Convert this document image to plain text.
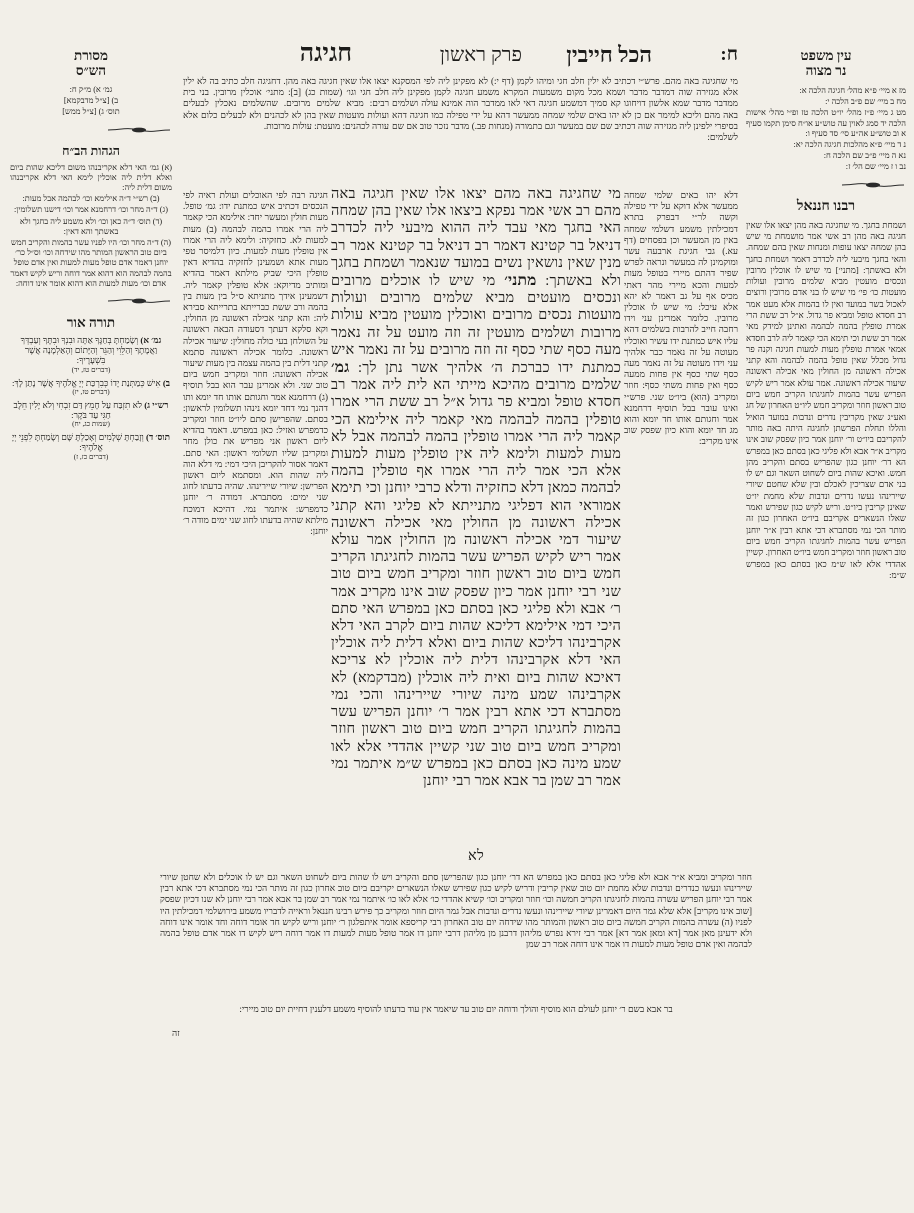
ח:
הכל חייבין
פרק ראשון
חגיגה	עין משפט
נר מצוה
מז א מיי׳ פ״א מהל׳ חגיגה הלכה א:
מח ב מיי׳ שם פ״ב הלכה י:
מט ג מיי׳ פ״ז מהל׳ יו״ט הלכה טז ופ״י מהל׳ אישות הלכה יד סמג לאוין עה טוש״ע או״ח סימן תקמו סעיף א וב טוש״ע אה״ע סי׳ סד סעיף ו:
נ ד מיי׳ פ״א מהלכות חגיגה הלכה יא:
נא ה מיי׳ פ״ב שם הלכה ח:
נב ו ז מיי׳ שם הל׳ ז:
רבנו חננאל
ושמחת בחגך. מי שחגיגה באה מהן יצאו אלו שאין חגיגה באה מהן רב אשי אמר מושמחת מי שיש בהן שמחה יצאו עופות ומנחות שאין בהם שמחה. והאי בחגך מיבעי ליה לכדרב דאמר ושמחת בחגך ולא באשתך: [מתני׳] מי שיש לו אוכלין מרובין ונכסים מועטין מביא שלמים מרובין ועולות מועטות כו׳ פי׳ מי שיש לו בני אדם מרובין ורוצים לאכול בשר במועד ואין לו בהמות אלא מעט אמר רב חסדא טופל ומביא פר גדול. א״ל רב ששת הרי אמרת טופלין בהמה לבהמה ואתינן למידק מאי אמר רב ששת וכי תימא הכי קאמר ליה לרב חסדא אמאי אמרת טופלין מעות למעות חגיגה וקנה פר גדול מכלל שאין טופל בהמה לבהמה והא קתני אכילה ראשונה מן החולין מאי אכילה ראשונה שיעור אכילה ראשונה. אמר עולא אמר ריש לקיש הפריש עשר בהמות לחגיגתו הקריב חמש ביום טוב ראשון חוזר ומקריב חמש ליו״ט האחרון של חג ואע״ג שאין מקריבין נדרים ונדבות במועד הואיל והללו תחלת הפרשתן לחגיגה היתה באה מותר להקריבם ביו״ט ור׳ יוחנן אמר כיון שפסק שוב אינו מקריב א״ר אבא ולא פליגי כאן בסתם כאן במפרש הא דר׳ יוחנן כגון שהפריש בסתם והקריב מהן חמש. ואיכא שהות ביום לשחוט השאר וגם יש לו בני אדם שצריכין לאכלם ובין שלא שחטם שיורי שיירינהו נעשו נדרים ונדבות שלא מחמת יו״ט שאינן קריבין ביו״ט. וריש לקיש כגון שפירש ואמר שאלו הנשארים אקריבם ביו״ט האחרון כגון זה מותר הכי נמי מסתברא דכי אתא רבין א״ר יוחנן הפריש עשר בהמות לחגיגתו הקריב חמש ביום טוב ראשון חוזר ומקריב חמש ביו״ט האחרון. קשיין אהדדי אלא לאו ש״מ כאן בסתם כאן במפרש ש״מ:
מסורת
הש״ס
גמ׳ א) מ״ק ח:
ב) [צ״ל מדבקמא]
תוס׳ ג) [צ״ל ממש]
הגהות הב״ח
(א) גמ׳ האי דלא אקריבנהו משום דליכא שהות ביום ואלא דלית ליה אוכלין לימא האי דלא אקריבנהו משום דלית ליה:
(ב) רש״י ד״ה אילימא וכו׳ לבהמה אבל מעות:
(ג) ד״ה מחר וכו׳ דרחמנא אמר וכו׳ דישנו תשלומין:
(ד) תוס׳ ד״ה כאן וכו׳ ולא משמע ליה בחגך ולא באשתך והא דאין:
(ה) ד״ה מחר וכו׳ היו לפניו עשר בהמות והקריב חמש ביום טוב הראשון המותר מהו שידחה וכו׳ וס״ל כר׳ יוחנן דאמר אדם טופל מעות למעות ואין אדם טופל בהמה לבהמה הוא דהוא אמר דוחה וריש לקיש דאמר אדם וכו׳ מעות למעות הוא דהוא אומר אינו דוחה:
תורה אור
גמ׳ א) וְשָׂמַחְתָּ בְּחַגֶּךָ אַתָּה וּבִנְךָ וּבִתֶּךָ וְעַבְדְּךָ וַאֲמָתֶךָ וְהַלֵּוִי וְהַגֵּר וְהַיָּתוֹם וְהָאַלְמָנָה אֲשֶׁר בִּשְׁעָרֶיךָ:
(דברים טז, יד)
ב) אִישׁ כְּמַתְּנַת יָדוֹ כְּבִרְכַּת יְיָ אֱלֹהֶיךָ אֲשֶׁר נָתַן לָךְ:
(דברים טז, יז)
רש״י ג) לֹא תִזְבַּח עַל חָמֵץ דַּם זִבְחִי וְלֹא יָלִין חֵלֶב חַגִּי עַד בֹּקֶר:
(שמות כג, יח)
תוס׳ ד) וְזָבַחְתָּ שְׁלָמִים וְאָכַלְתָּ שָּׁם וְשָׂמַחְתָּ לִפְנֵי יְיָ אֱלֹהֶיךָ:
(דברים כז, ז)
מי שחגיגה באה מהם. פרש״י דכתיב לא ילין חלב חגי ומיהו לקמן (דף י:) לא מפקינן ליה לפי המסקנא אלא מגזירה שוה דמדבר מדבר ושמא מכל מקום משמעות המקרא משמע חגיגה לקמן מפקינן ליה ממדבר מדבר שמא אלשון דויחוגו קא סמיך דמשמע חגיגה דאי לאו ממדבר הוה אמינא עולה ושלמים באה מהם וליכא למימר אם כן לא יהו באים שלמי שמחה ממעשר דהא על ידי טפילה כמו חגיגה דהא בסיפרי ילפינן ליה מגזירה שוה דכתיב שם שם במעשר וגם בתמורה (מנחות פב.) מדבר נזכר טוב אם שם לשלמים:
יצאו אלו שאין חגיגה באה מהן. דחגיגה חלב כתיב בה לא ילין חלב חגי וגו׳ (שמות כג) [ב]: מתני׳ אוכלין מרובין. בני בית רבים: מביא שלמים מרובים. שהשלמים נאכלין לבעלים ועולות מועטות שאין בהן לא לכהנים ולא לבעלים כלום אלא עורה לכהנים: מועטת: עולות מרובות.
דלא יהו באים שלמי שמחה ממעשר אלא דוקא על ידי טפילה וקשה לר״י דבפרק בתרא דמכילתין משמע דשלמי שמחה באין מן המעשר וכן בפסחים (דף עא.) גבי חגיגת ארבעה עשר ומוקמינן לה במעשר ונראה לפרש שפיר דהתם מיירי בטופל מעות למעות והכא מיירי מהר דאתי מכיס אף על גב דאמר לא יהא אלא עיכל: מי שיש לו אוכלין מרובין. כלומר אמרינן עני וידו רחבה חייב להרבות בשלמים דהא עליו איש כמתנת ידו עשיר ואוכליו מעוטה על זה נאמר כבר אלהיך עני וידו מעוטה על זה נאמר מעה כסף שתי כסף אין פחות ממעה כסף ואין פחות משתי כסף: חוזר ומקריב (הוא) ביו״ט שני. פרש״י ואינו עובר בבל תוסיף דרחמנא אמר וחגותם אותו חד יומא והוא מג חד יומא והוא כיון שפסק שוב אינו מקריב:
מי שחגיגה באה מהם יצאו אלו שאין חגיגה באה מהם רב אשי אמר נפקא ביצאו אלו שאין בהן שמחה האי בחגך מאי עבד ליה ההוא מיבעי ליה לכדרב דניאל בר קטינא דאמר רב דניאל בר קטינא אמר רב מנין שאין נושאין נשים במועד שנאמר ושמחת בחגך ולא באשתך: מתני׳ מי שיש לו אוכלים מרובים ונכסים מועטים מביא שלמים מרובים ועולות מועטות נכסים מרובים ואוכלין מועטין מביא עולות מרובות ושלמים מועטין זה וזה מועט על זה נאמר מעה כסף שתי כסף זה וזה מרובים על זה נאמר איש כמתנת ידו כברכת ה׳ אלהיך אשר נתן לך: גמ׳ שלמים מרובים מהיכא מייתי הא לית ליה אמר רב חסדא טופל ומביא פר גדול א״ל רב ששת הרי אמרו טופלין בהמה לבהמה מאי קאמר ליה אילימא הכי קאמר ליה הרי אמרו טופלין בהמה לבהמה אבל לא מעות למעות ולימא ליה אין טופלין מעות למעות אלא הכי אמר ליה הרי אמרו אף טופלין בהמה לבהמה כמאן דלא כחזקיה ודלא כרבי יוחנן וכי תימא אמוראי הוא דפליגי מתנייתא לא פליגי והא קתני אכילה ראשונה מן החולין מאי אכילה ראשונה שיעור דמי אכילה ראשונה מן החולין אמר עולא אמר ריש לקיש הפריש עשר בהמות לחגיגתו הקריב חמש ביום טוב ראשון חוזר ומקריב חמש ביום טוב שני רבי יוחנן אמר כיון שפסק שוב אינו מקריב אמר ר׳ אבא ולא פליגי כאן בסתם כאן במפרש האי סתם היכי דמי אילימא דליכא שהות ביום לקרב האי דלא אקרבינהו דליכא שהות ביום ואלא דלית ליה אוכלין האי דלא אקרבינהו דלית ליה אוכלין לא צריכא דאיכא שהות ביום ואית ליה אוכלין (מבדקמא) לא אקרבינהו שמע מינה שיורי שיירינהו והכי נמי מסתברא דכי אתא רבין אמר ר׳ יוחנן הפריש עשר בהמות לחגיגתו הקריב חמש ביום טוב ראשון חוזר ומקריב חמש ביום טוב שני קשיין אהדדי אלא לאו שמע מינה כאן בסתם כאן במפרש ש״מ איתמר נמי אמר רב שמן בר אבא אמר רבי יוחנן
לא
חגיגה רבה לפי האוכלים ועולת ראיה לפי הנכסים דכתיב איש כמתנת ידו: גמ׳ טופל. מעות חולין ומעשר יחד: אילימא הכי קאמר ליה הרי אמרו בהמה לבהמה (ב) מעות למעות לא. כחזקיה: ולימא ליה הרי אמרו אין טופלין מעות למעות. כיון דלמיסר טפי מעות אתא ושמעינן לחזקיה בהדיא דאין טופלין היכי שביק מילתא דאמר בהדיא ומותיב מדיוקא: אלא טופלין קאמר ליה. דשמעינן אידך מתניתא ס״ל בין מעות בין בהמה ורב ששת כברייתא בתרייתא סבירא ליה: והא קתני אכילה ראשונה מן החולין. וקא סלקא דעתך דסעודה הבאה ראשונה על השולחן בעי כולה מחולין: שיעור אכילה ראשונה. כלומר אכילה ראשונה סתמא קתני דלית בין בהמה עצמה בין מעות שיעור אכילה ראשונה: חוזר ומקריב חמש ביום טוב שני. ולא אמרינן עבר הוא בבל תוסיף (ג) דרחמנא אמר וחגותם אותו חד יומא ותו דהנך נמי דחד יומא נינהו תשלומין לראשון: בסתם. שהפרישן סתם ליו״ט חוזר ומקריב כדמפרש ואזיל: כאן במפרש. דאמר בהדיא ליום ראשון אני מפריש את כולן מחר ומקריבן שליו תשלומי ראשון: האי סתם. דאמר אסור להקריבן היכי דמי: מי דלא הוה ליה שהות הוא. ומסתמא ליום ראשון הפרישן: שיורי שיירינהו. שהיה בדעתו לחוג שני ימים: מסתברא. דמודה ר׳ יוחנן כדמפרש: איתמר נמי. דהיכא דמוכח מילתא שהיה בדעתו לחוג שני ימים מודה ר׳ יוחנן:
חוזר ומקריב ומביא א״ר אבא ולא פליגי כאן בסתם כאן במפרש הא דר׳ יוחנן כגון שהפרישן סתם והקריב ויש לו שהות ביום לשחוט השאר וגם יש לו אוכלים ולא שחטן שיורי שיירינהו ונעשו כנדרים ונדבות שלא מחמת יום טוב שאין קריבין ודריש לקיש כגון שפירש שאלו הנשארים יקריבם ביום טוב אחרון כגון זה מותר הכי נמי מסתברא דכי אתא רבין אמר רבי יוחנן הפריש עשרה בהמות לחגיגתו הקריב חמשה וכו׳ חוזר ומקריב וכו׳ קשיא אהדדי כו׳ אלא לאו כו׳ איתמר נמי אמר רב שמן בר אבא אמר רבי יוחנן לא שנו דכיון שפסק [שוב אינו מקריב] אלא שלא גמר היום דאמרינן שיורי שיירינהו ונעשו נדרים ונדבות אבל גמר היום חוזר ומקריב כך פירש רבינו חננאל וראייה לדבריו משמע בירושלמי דמכילתין היו לפניו (ה) עשרה בהמות הקריב חמשה ביום טוב ראשון והמותר מהו שידחה יום טוב האחרון רבי קריספא אומר איתפלגון ר׳ יוחנן וריש לקיש חד אומר דוחה וחד אומר אינו דוחה ולא ידעינן מאן אמר [דא ומאן אמר דא] אמר רבי זירא נפרש מליהון דרבנן מן מליהון דרבי יוחנן דו אמר טופל מעות למעות דו אמר דוחה ריש לקיש דו אמר אדם טופל בהמה לבהמה ואין אדם טופל מעות למעות דו אמר אינו דוחה אמר רב שמן
בר אבא בשם ר׳ יוחנן לעולם הוא מוסיף והולך ודוחה יום טוב עד שיאמר אין עוד בדעתו להוסיף משמע דלענין דחיית יום טוב מיירי:
זה
